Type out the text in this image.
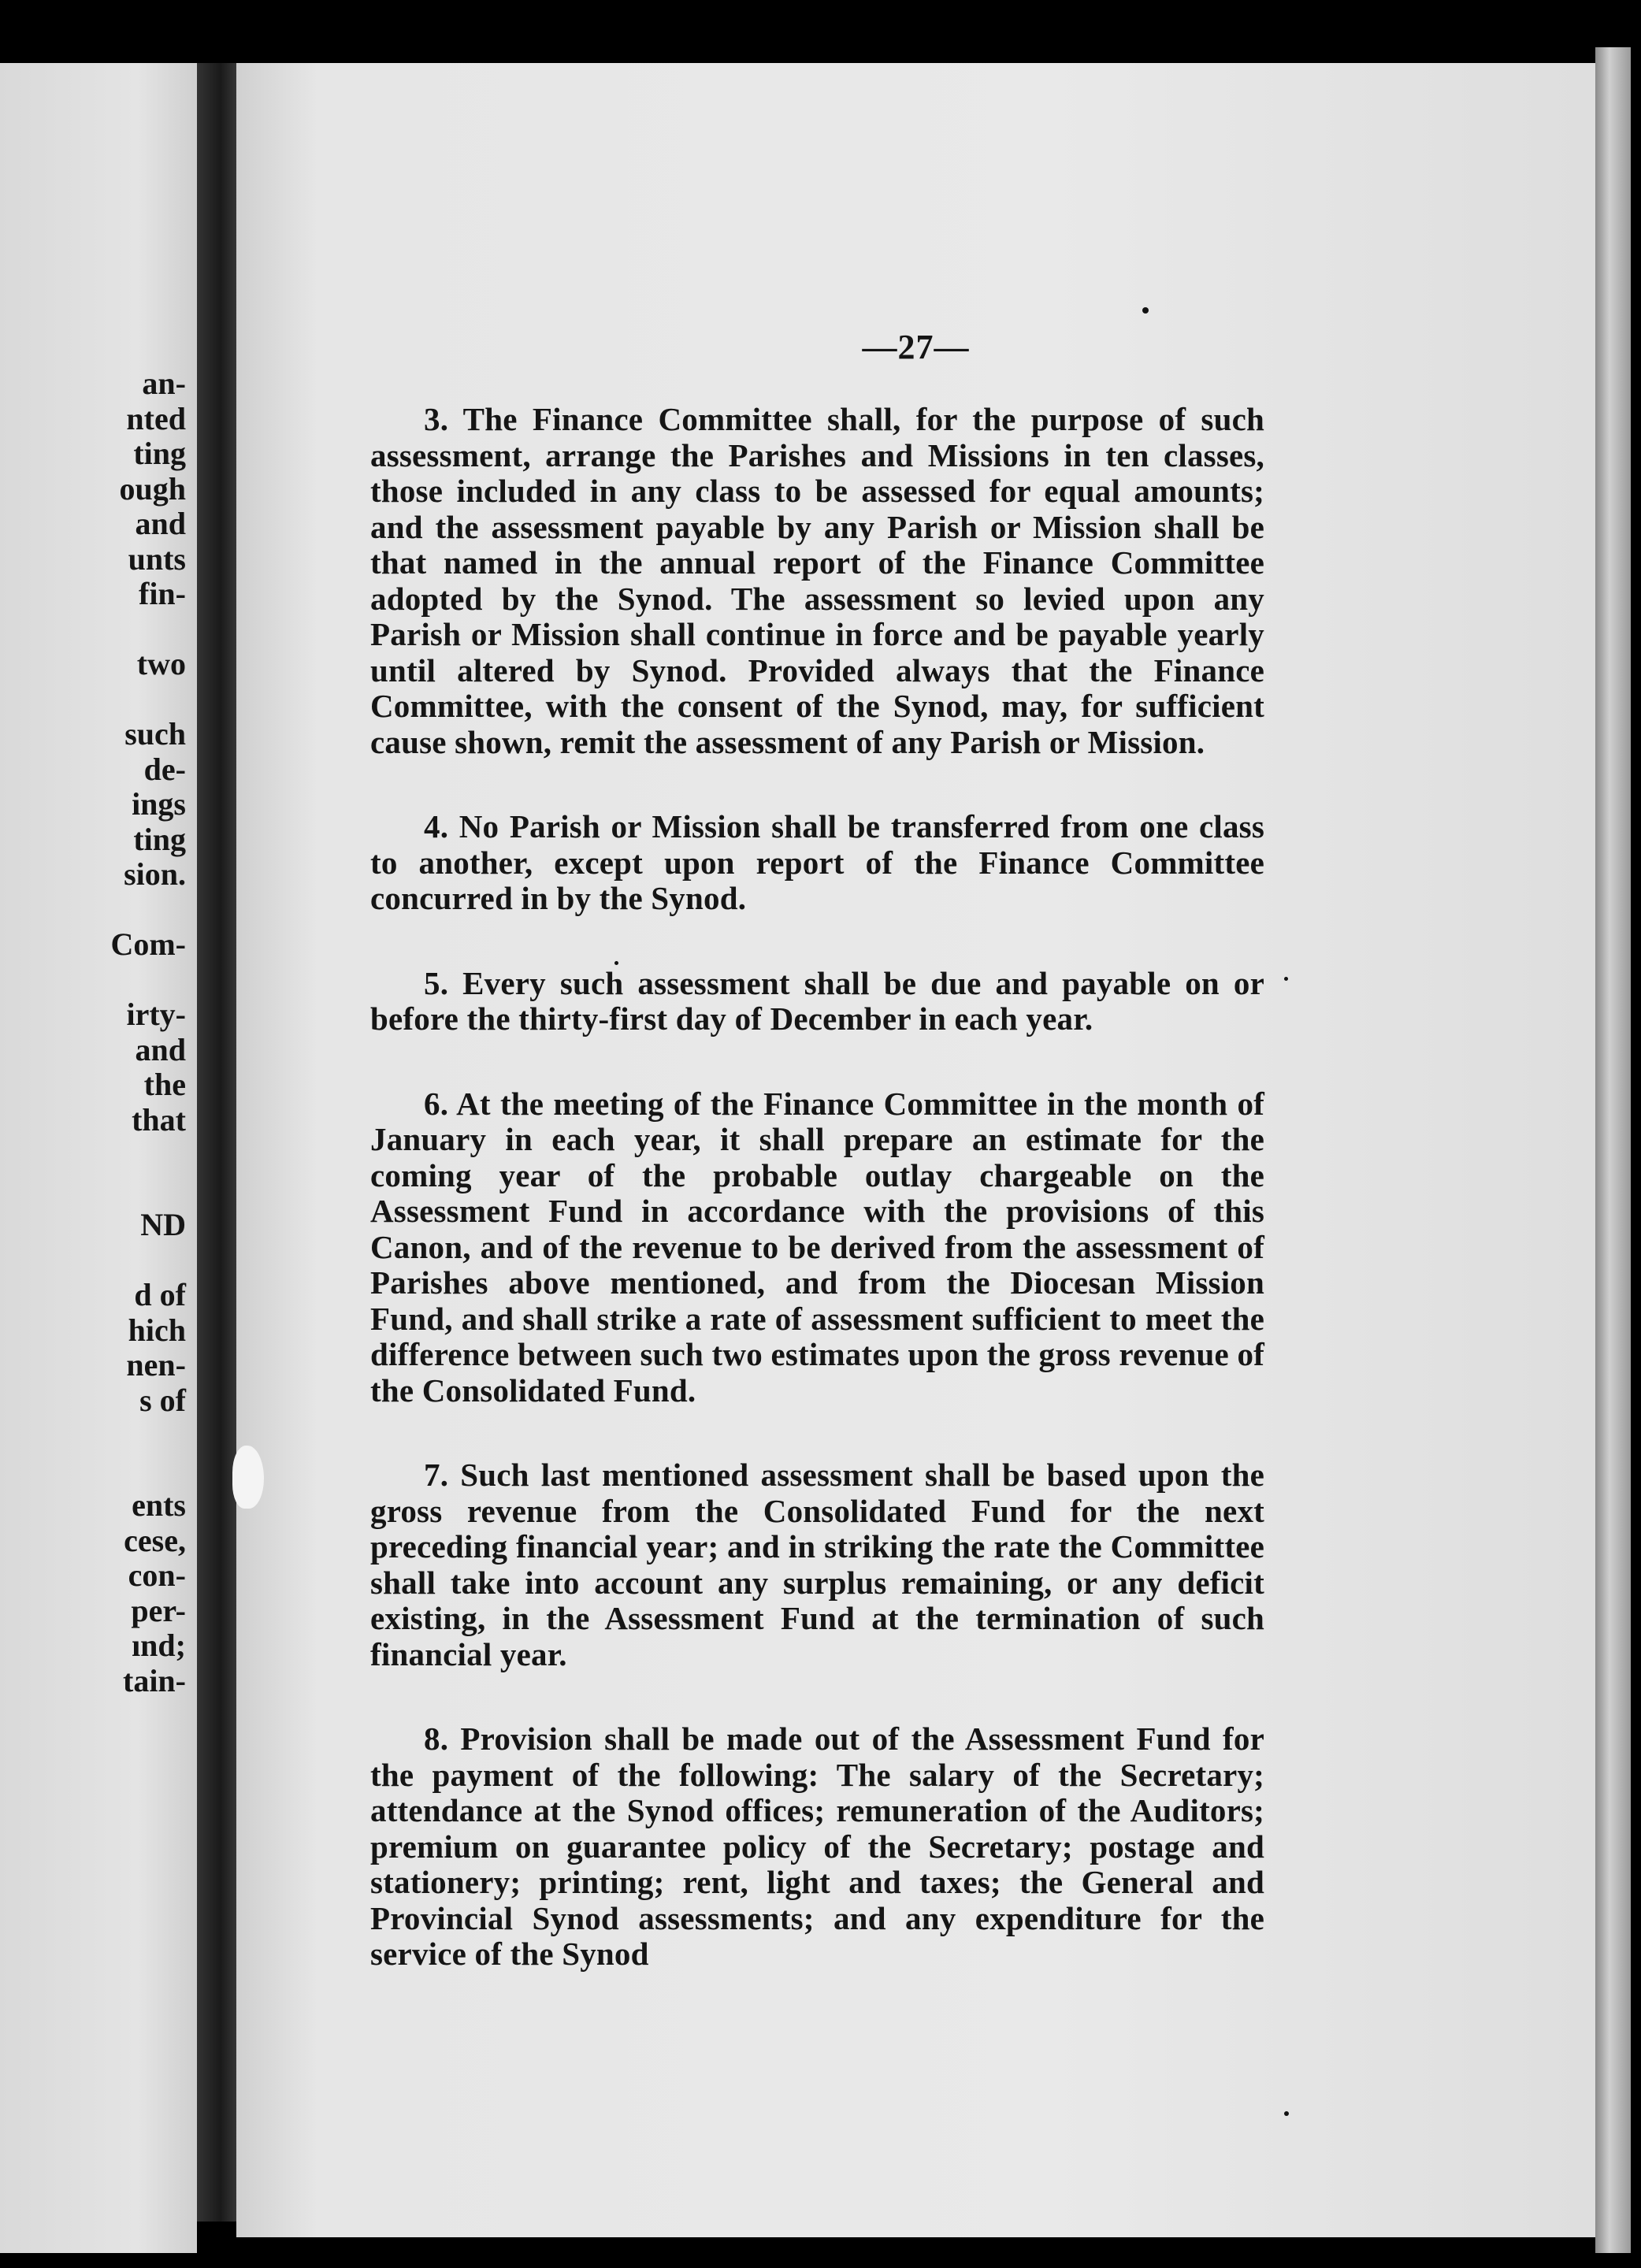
an-
nted
ting
ough
and
unts
fin-
two
such
de-
ings
ting
sion.
Com-
irty-
and
the
that
ND
d of
hich
nen-
s of
ents
cese,
con-
per-
ınd;
tain-

—27—

3. The Finance Committee shall, for the purpose of such assessment, arrange the Parishes and Missions in ten classes, those included in any class to be assessed for equal amounts; and the assessment payable by any Parish or Mission shall be that named in the annual report of the Finance Committee adopted by the Synod. The assessment so levied upon any Parish or Mission shall continue in force and be payable yearly until altered by Synod. Provided always that the Finance Committee, with the consent of the Synod, may, for sufficient cause shown, remit the assessment of any Parish or Mission.

4. No Parish or Mission shall be transferred from one class to another, except upon report of the Finance Committee concurred in by the Synod.

5. Every such assessment shall be due and payable on or before the thirty-first day of December in each year.

6. At the meeting of the Finance Committee in the month of January in each year, it shall prepare an estimate for the coming year of the probable outlay chargeable on the Assessment Fund in accordance with the provisions of this Canon, and of the revenue to be derived from the assessment of Parishes above mentioned, and from the Diocesan Mission Fund, and shall strike a rate of assessment sufficient to meet the difference between such two estimates upon the gross revenue of the Consolidated Fund.

7. Such last mentioned assessment shall be based upon the gross revenue from the Consolidated Fund for the next preceding financial year; and in striking the rate the Committee shall take into account any surplus remaining, or any deficit existing, in the Assessment Fund at the termination of such financial year.

8. Provision shall be made out of the Assessment Fund for the payment of the following: The salary of the Secretary; attendance at the Synod offices; remuneration of the Auditors; premium on guarantee policy of the Secretary; postage and stationery; printing; rent, light and taxes; the General and Provincial Synod assessments; and any expenditure for the service of the Synod
